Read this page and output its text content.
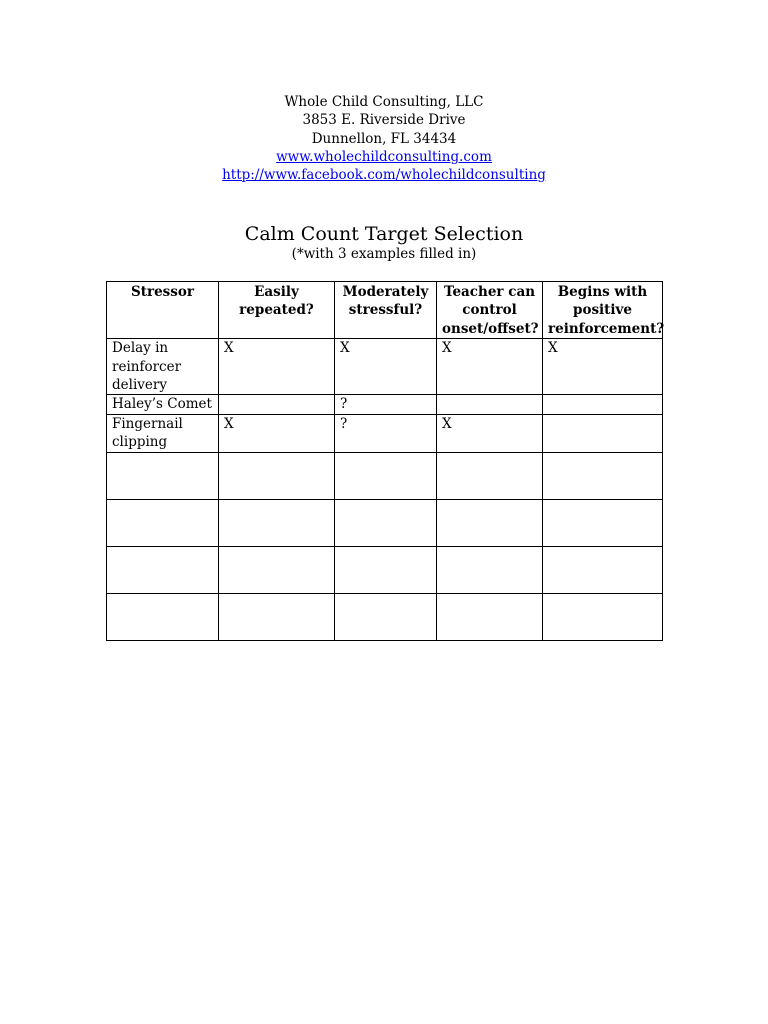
Whole Child Consulting, LLC
3853 E. Riverside Drive
Dunnellon, FL 34434
www.wholechildconsulting.com
http://www.facebook.com/wholechildconsulting
Calm Count Target Selection
(*with 3 examples filled in)
Stressor	Easily repeated?	Moderately stressful?	Teacher can control onset/offset?	Begins with positive reinforcement?
Delay in reinforcer delivery	X	X	X	X
Haley’s Comet		?		
Fingernail clipping	X	?	X	
